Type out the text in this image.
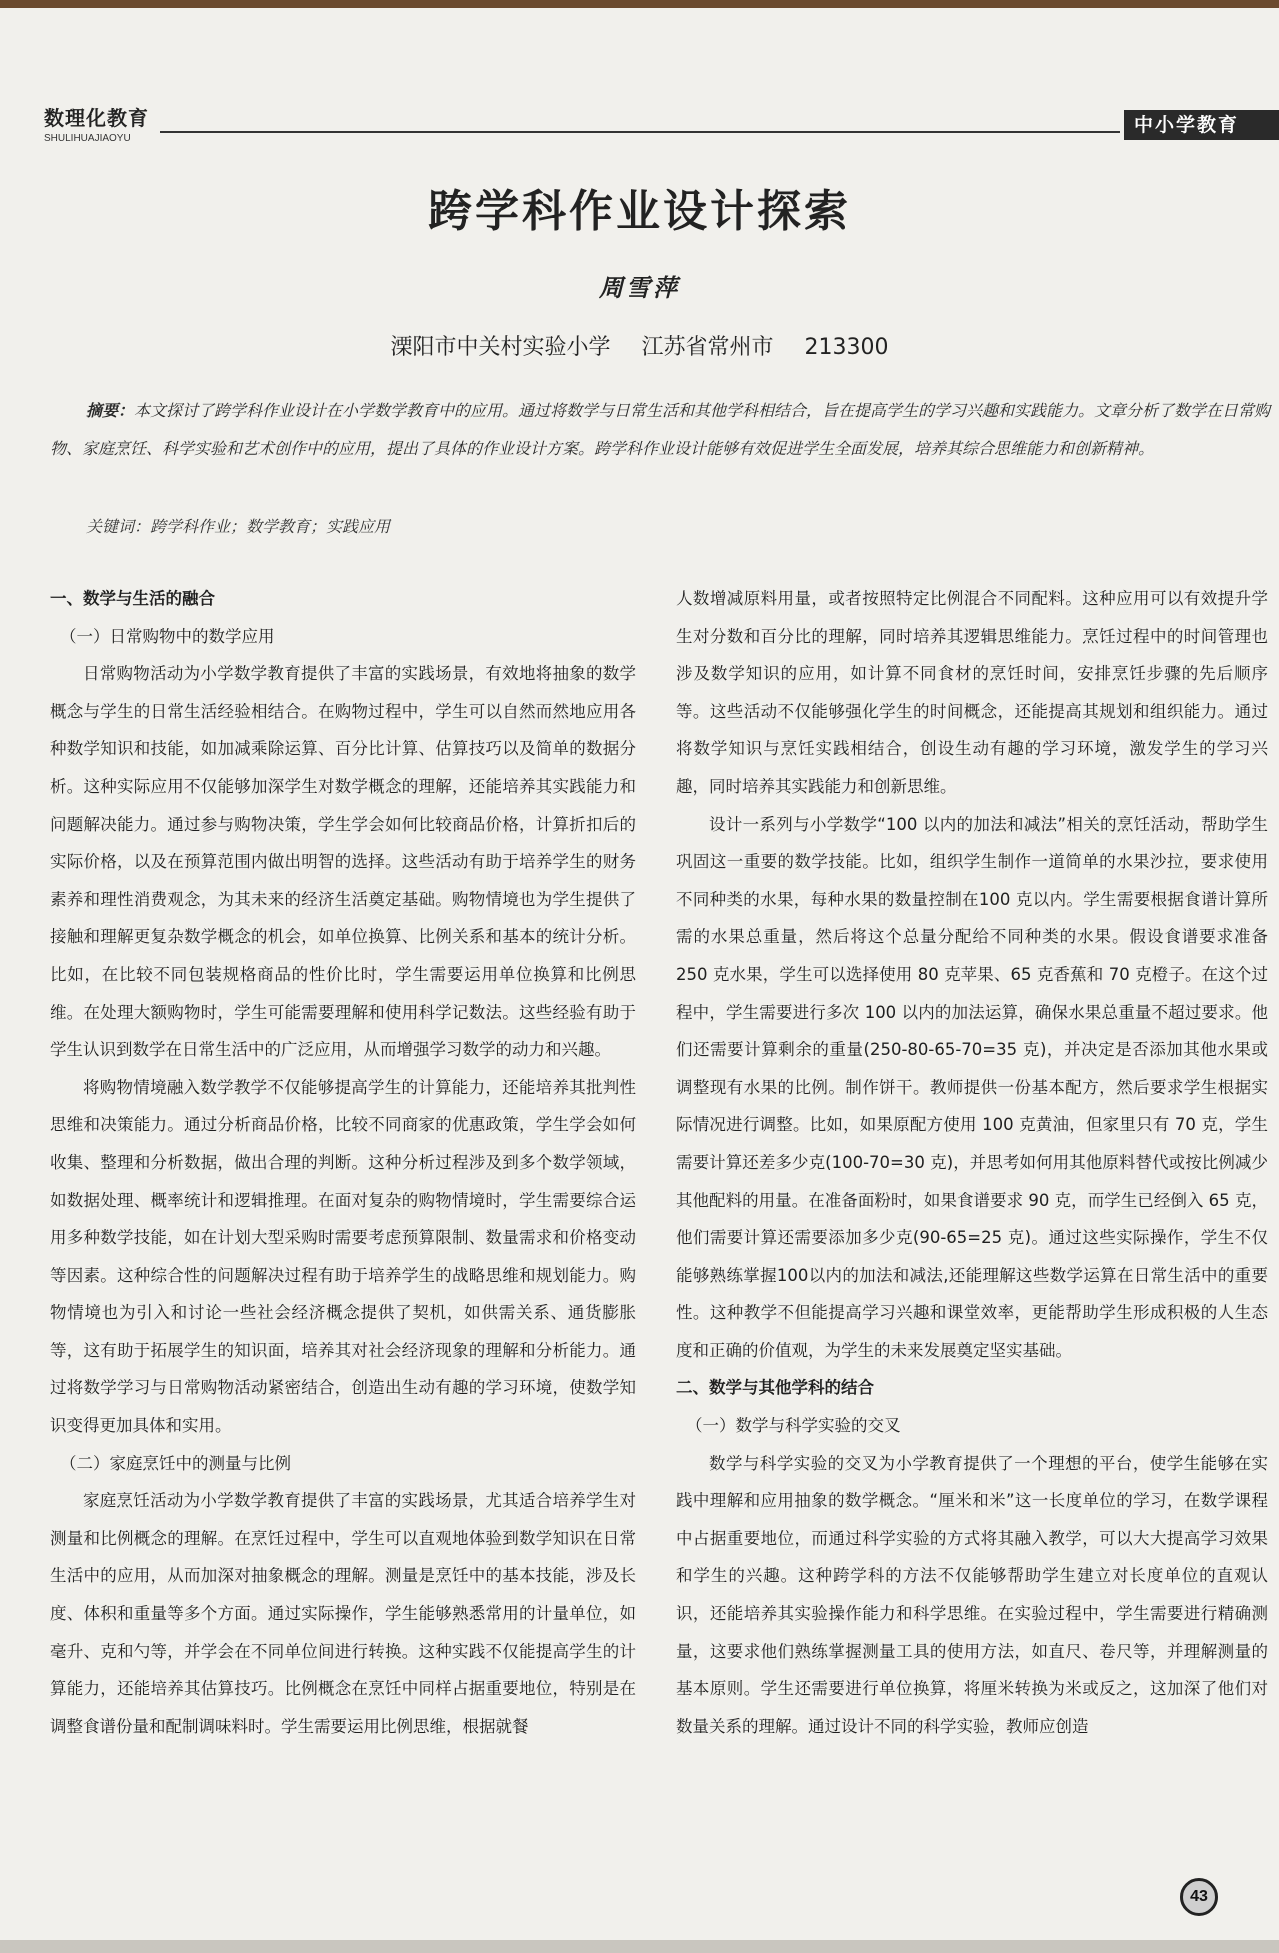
数理化教育
SHULIHUAJIAOYU
中小学教育
跨学科作业设计探索
周雪萍
溧阳市中关村实验小学 江苏省常州市 213300
摘要：本文探讨了跨学科作业设计在小学数学教育中的应用。通过将数学与日常生活和其他学科相结合，旨在提高学生的学习兴趣和实践能力。文章分析了数学在日常购物、家庭烹饪、科学实验和艺术创作中的应用，提出了具体的作业设计方案。跨学科作业设计能够有效促进学生全面发展，培养其综合思维能力和创新精神。
关键词：跨学科作业；数学教育；实践应用
一、数学与生活的融合
（一）日常购物中的数学应用

日常购物活动为小学数学教育提供了丰富的实践场景，有效地将抽象的数学概念与学生的日常生活经验相结合。在购物过程中，学生可以自然而然地应用各种数学知识和技能，如加减乘除运算、百分比计算、估算技巧以及简单的数据分析。这种实际应用不仅能够加深学生对数学概念的理解，还能培养其实践能力和问题解决能力。通过参与购物决策，学生学会如何比较商品价格，计算折扣后的实际价格，以及在预算范围内做出明智的选择。这些活动有助于培养学生的财务素养和理性消费观念，为其未来的经济生活奠定基础。购物情境也为学生提供了接触和理解更复杂数学概念的机会，如单位换算、比例关系和基本的统计分析。比如，在比较不同包装规格商品的性价比时，学生需要运用单位换算和比例思维。在处理大额购物时，学生可能需要理解和使用科学记数法。这些经验有助于学生认识到数学在日常生活中的广泛应用，从而增强学习数学的动力和兴趣。

将购物情境融入数学教学不仅能够提高学生的计算能力，还能培养其批判性思维和决策能力。通过分析商品价格，比较不同商家的优惠政策，学生学会如何收集、整理和分析数据，做出合理的判断。这种分析过程涉及到多个数学领域，如数据处理、概率统计和逻辑推理。在面对复杂的购物情境时，学生需要综合运用多种数学技能，如在计划大型采购时需要考虑预算限制、数量需求和价格变动等因素。这种综合性的问题解决过程有助于培养学生的战略思维和规划能力。购物情境也为引入和讨论一些社会经济概念提供了契机，如供需关系、通货膨胀等，这有助于拓展学生的知识面，培养其对社会经济现象的理解和分析能力。通过将数学学习与日常购物活动紧密结合，创造出生动有趣的学习环境，使数学知识变得更加具体和实用。

（二）家庭烹饪中的测量与比例

家庭烹饪活动为小学数学教育提供了丰富的实践场景，尤其适合培养学生对测量和比例概念的理解。在烹饪过程中，学生可以直观地体验到数学知识在日常生活中的应用，从而加深对抽象概念的理解。测量是烹饪中的基本技能，涉及长度、体积和重量等多个方面。通过实际操作，学生能够熟悉常用的计量单位，如毫升、克和勺等，并学会在不同单位间进行转换。这种实践不仅能提高学生的计算能力，还能培养其估算技巧。比例概念在烹饪中同样占据重要地位，特别是在调整食谱份量和配制调味料时。学生需要运用比例思维，根据就餐

人数增减原料用量，或者按照特定比例混合不同配料。这种应用可以有效提升学生对分数和百分比的理解，同时培养其逻辑思维能力。烹饪过程中的时间管理也涉及数学知识的应用，如计算不同食材的烹饪时间，安排烹饪步骤的先后顺序等。这些活动不仅能够强化学生的时间概念，还能提高其规划和组织能力。通过将数学知识与烹饪实践相结合，创设生动有趣的学习环境，激发学生的学习兴趣，同时培养其实践能力和创新思维。

设计一系列与小学数学“100 以内的加法和减法”相关的烹饪活动，帮助学生巩固这一重要的数学技能。比如，组织学生制作一道简单的水果沙拉，要求使用不同种类的水果，每种水果的数量控制在100 克以内。学生需要根据食谱计算所需的水果总重量，然后将这个总量分配给不同种类的水果。假设食谱要求准备 250 克水果，学生可以选择使用 80 克苹果、65 克香蕉和 70 克橙子。在这个过程中，学生需要进行多次 100 以内的加法运算，确保水果总重量不超过要求。他们还需要计算剩余的重量(250-80-65-70=35 克)，并决定是否添加其他水果或调整现有水果的比例。制作饼干。教师提供一份基本配方，然后要求学生根据实际情况进行调整。比如，如果原配方使用 100 克黄油，但家里只有 70 克，学生需要计算还差多少克(100-70=30 克)，并思考如何用其他原料替代或按比例减少其他配料的用量。在准备面粉时，如果食谱要求 90 克，而学生已经倒入 65 克，他们需要计算还需要添加多少克(90-65=25 克)。通过这些实际操作，学生不仅能够熟练掌握100以内的加法和减法,还能理解这些数学运算在日常生活中的重要性。这种教学不但能提高学习兴趣和课堂效率，更能帮助学生形成积极的人生态度和正确的价值观，为学生的未来发展奠定坚实基础。

二、数学与其他学科的结合
（一）数学与科学实验的交叉

数学与科学实验的交叉为小学教育提供了一个理想的平台，使学生能够在实践中理解和应用抽象的数学概念。“厘米和米”这一长度单位的学习，在数学课程中占据重要地位，而通过科学实验的方式将其融入教学，可以大大提高学习效果和学生的兴趣。这种跨学科的方法不仅能够帮助学生建立对长度单位的直观认识，还能培养其实验操作能力和科学思维。在实验过程中，学生需要进行精确测量，这要求他们熟练掌握测量工具的使用方法，如直尺、卷尺等，并理解测量的基本原则。学生还需要进行单位换算，将厘米转换为米或反之，这加深了他们对数量关系的理解。通过设计不同的科学实验，教师应创造

43
